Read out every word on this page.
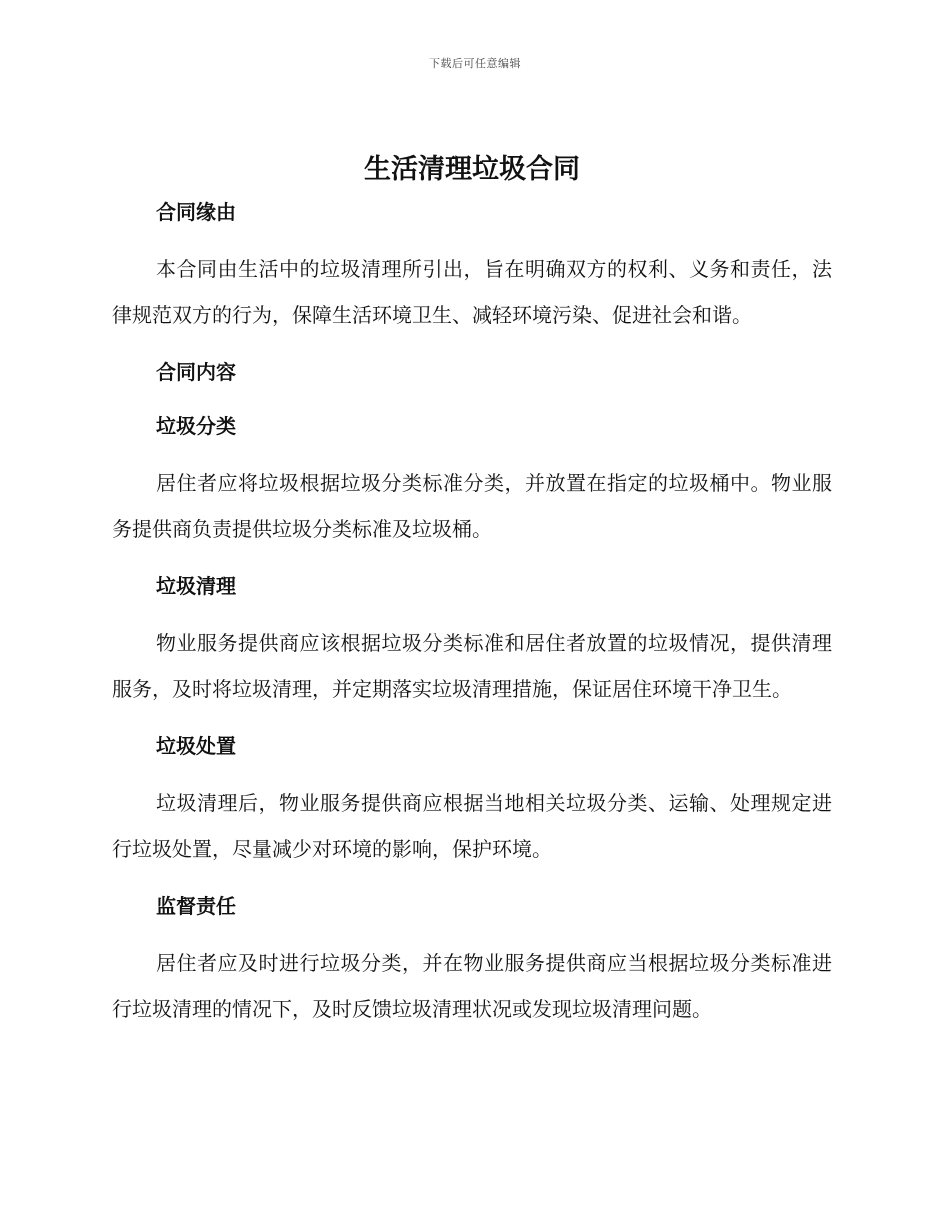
下载后可任意编辑
生活清理垃圾合同
合同缘由

本合同由生活中的垃圾清理所引出，旨在明确双方的权利、义务和责任，法律规范双方的行为，保障生活环境卫生、减轻环境污染、促进社会和谐。

合同内容
垃圾分类

居住者应将垃圾根据垃圾分类标准分类，并放置在指定的垃圾桶中。物业服务提供商负责提供垃圾分类标准及垃圾桶。

垃圾清理

物业服务提供商应该根据垃圾分类标准和居住者放置的垃圾情况，提供清理服务，及时将垃圾清理，并定期落实垃圾清理措施，保证居住环境干净卫生。

垃圾处置

垃圾清理后，物业服务提供商应根据当地相关垃圾分类、运输、处理规定进行垃圾处置，尽量减少对环境的影响，保护环境。

监督责任

居住者应及时进行垃圾分类，并在物业服务提供商应当根据垃圾分类标准进行垃圾清理的情况下，及时反馈垃圾清理状况或发现垃圾清理问题。
